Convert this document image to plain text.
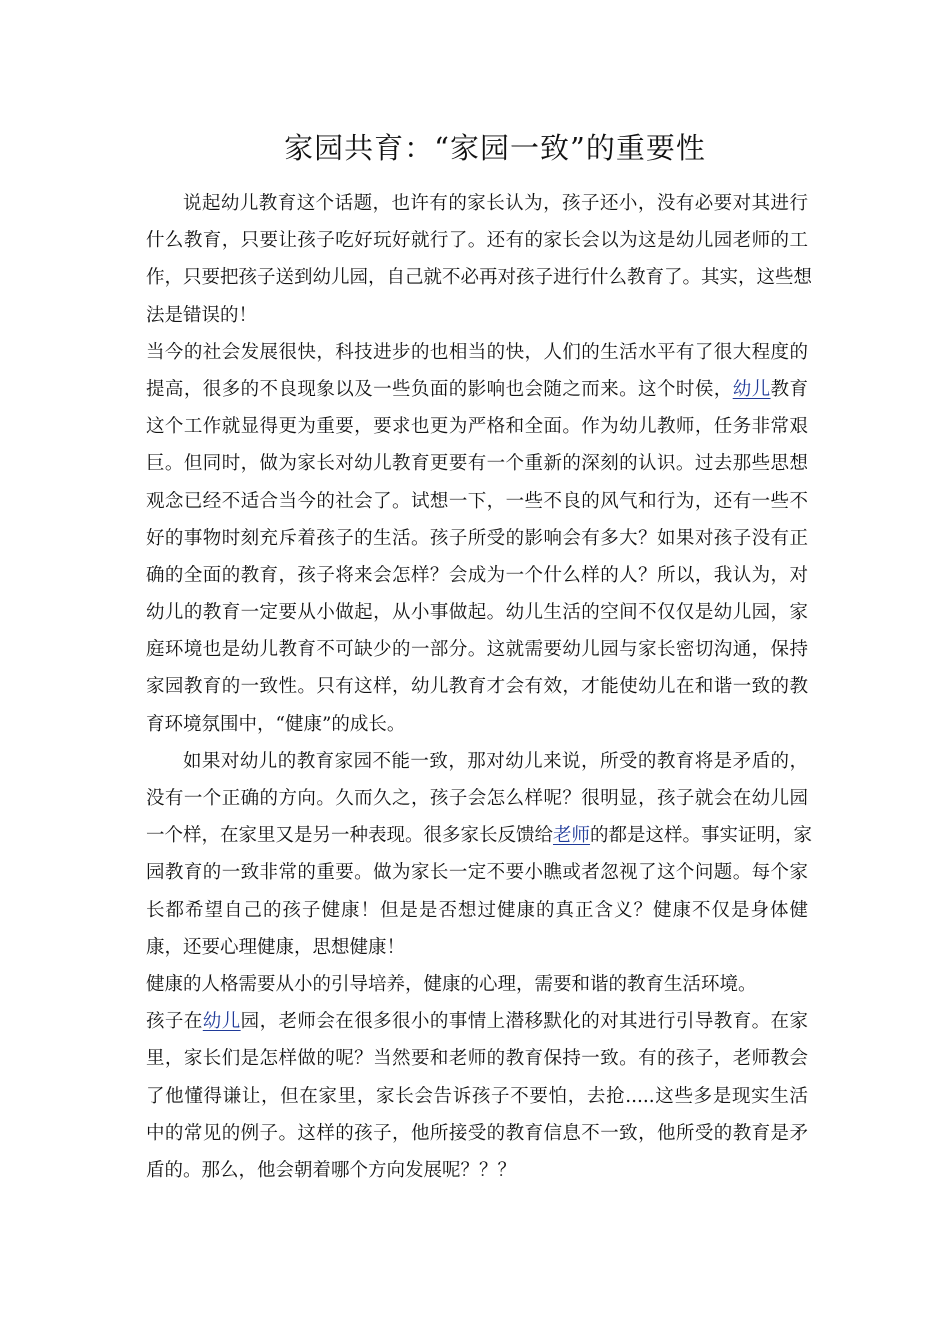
家园共育：“家园一致”的重要性
说起幼儿教育这个话题，也许有的家长认为，孩子还小，没有必要对其进行
什么教育，只要让孩子吃好玩好就行了。还有的家长会以为这是幼儿园老师的工
作，只要把孩子送到幼儿园，自己就不必再对孩子进行什么教育了。其实，这些想
法是错误的！
当今的社会发展很快，科技进步的也相当的快，人们的生活水平有了很大程度的
提高，很多的不良现象以及一些负面的影响也会随之而来。这个时侯，幼儿教育
这个工作就显得更为重要，要求也更为严格和全面。作为幼儿教师，任务非常艰
巨。但同时，做为家长对幼儿教育更要有一个重新的深刻的认识。过去那些思想
观念已经不适合当今的社会了。试想一下，一些不良的风气和行为，还有一些不
好的事物时刻充斥着孩子的生活。孩子所受的影响会有多大？如果对孩子没有正
确的全面的教育，孩子将来会怎样？会成为一个什么样的人？所以，我认为，对
幼儿的教育一定要从小做起，从小事做起。幼儿生活的空间不仅仅是幼儿园，家
庭环境也是幼儿教育不可缺少的一部分。这就需要幼儿园与家长密切沟通，保持
家园教育的一致性。只有这样，幼儿教育才会有效，才能使幼儿在和谐一致的教
育环境氛围中，“健康”的成长。
如果对幼儿的教育家园不能一致，那对幼儿来说，所受的教育将是矛盾的，
没有一个正确的方向。久而久之，孩子会怎么样呢？很明显，孩子就会在幼儿园
一个样，在家里又是另一种表现。很多家长反馈给老师的都是这样。事实证明，家
园教育的一致非常的重要。做为家长一定不要小瞧或者忽视了这个问题。每个家
长都希望自己的孩子健康！但是是否想过健康的真正含义？健康不仅是身体健
康，还要心理健康，思想健康！
健康的人格需要从小的引导培养，健康的心理，需要和谐的教育生活环境。
孩子在幼儿园，老师会在很多很小的事情上潜移默化的对其进行引导教育。在家
里，家长们是怎样做的呢？当然要和老师的教育保持一致。有的孩子，老师教会
了他懂得谦让，但在家里，家长会告诉孩子不要怕，去抢.....这些多是现实生活
中的常见的例子。这样的孩子，他所接受的教育信息不一致，他所受的教育是矛
盾的。那么，他会朝着哪个方向发展呢？？？
